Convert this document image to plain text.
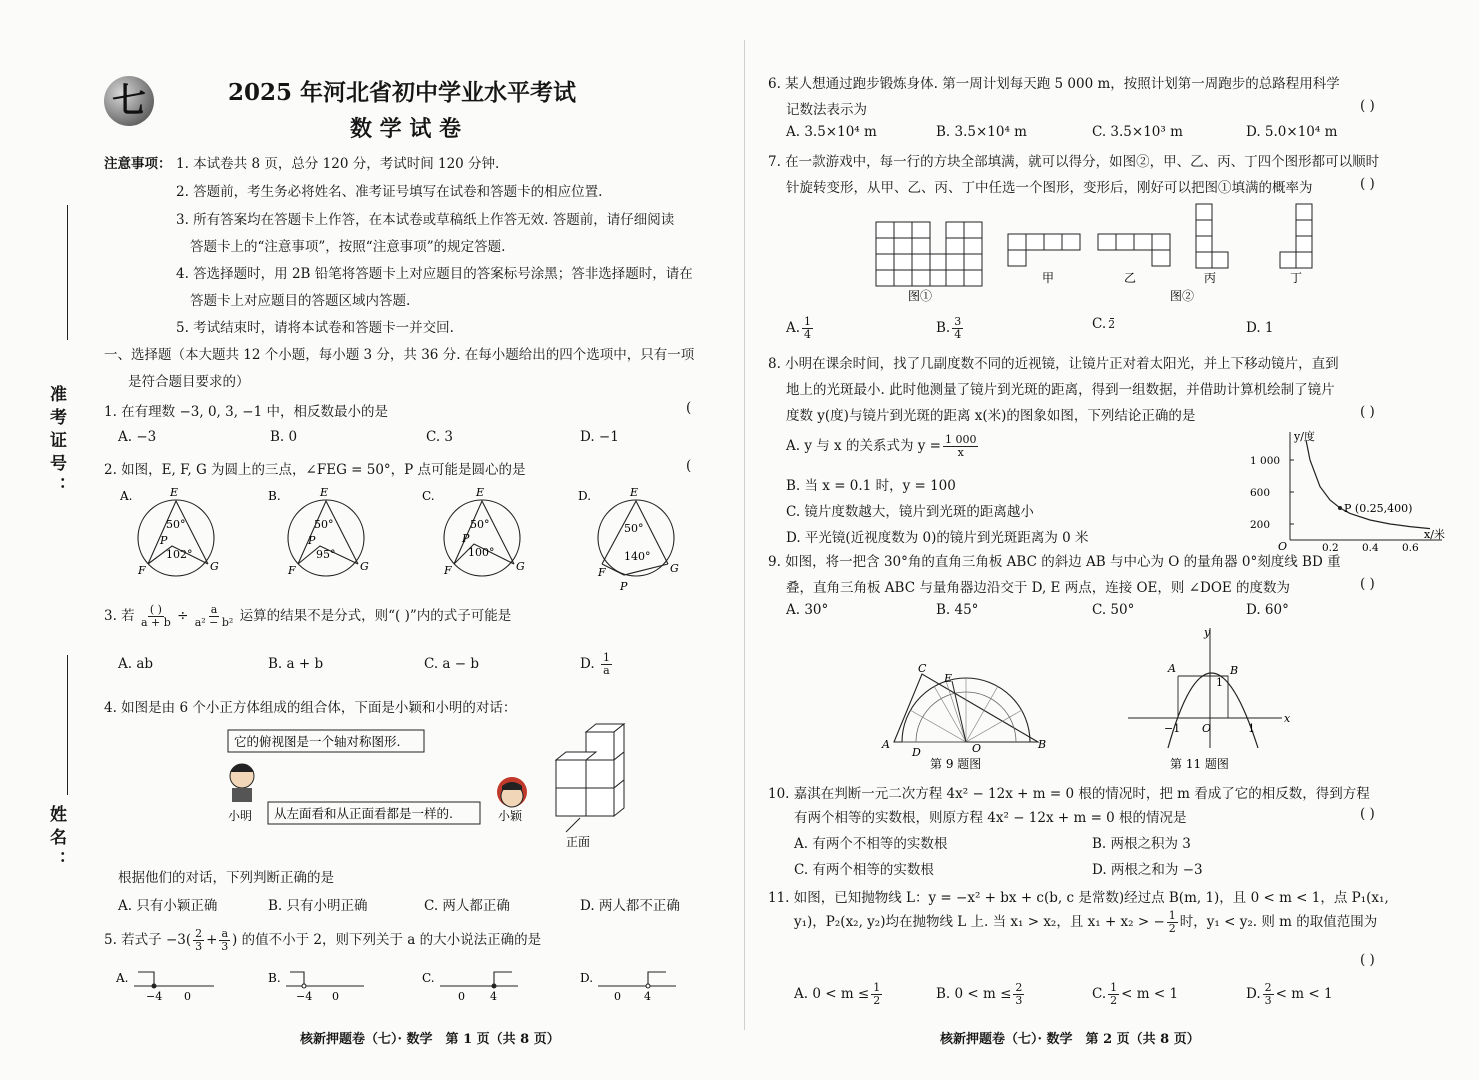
准考证号：
姓名：
七	2025 年河北省初中学业水平考试
数 学 试 卷
注意事项： 1. 本试卷共 8 页，总分 120 分，考试时间 120 分钟.
2. 答题前，考生务必将姓名、准考证号填写在试卷和答题卡的相应位置.
3. 所有答案均在答题卡上作答，在本试卷或草稿纸上作答无效. 答题前，请仔细阅读
答题卡上的“注意事项”，按照“注意事项”的规定答题.
4. 答选择题时，用 2B 铅笔将答题卡上对应题目的答案标号涂黑；答非选择题时，请在
答题卡上对应题目的答题区域内答题.
5. 考试结束时，请将本试卷和答题卡一并交回.
一、选择题（本大题共 12 个小题，每小题 3 分，共 36 分. 在每小题给出的四个选项中，只有一项
是符合题目要求的）
1. 在有理数 −3, 0, 3, −1 中，相反数最小的是	(
A. −3	B. 0	C. 3	D. −1
2. 如图，E, F, G 为圆上的三点，∠FEG = 50°，P 点可能是圆心的是	(
A.	B.	C.	D.
E
F	G
P
50°
102°
E
F	G
P
50°
95°
E
F	G
P
50°
100°
E
F	G
P
50°
140°
3. 若 $\frac{( )}{a + b} \div \frac{a}{\text{a² − b²}}$ 运算的结果不是分式，则“( )”内的式子可能是
A. ab	B. a + b	C. a − b	D. $\frac{1}{a}$
4. 如图是由 6 个小正方体组成的组合体，下面是小颖和小明的对话：
它的俯视图是一个轴对称图形.
从左面看和从正面看都是一样的.
小明	小颖
正面
根据他们的对话，下列判断正确的是
A. 只有小颖正确	B. 只有小明正确	C. 两人都正确	D. 两人都不正确
5. 若式子 $-3( \frac{2}{3} + \frac{a}{3}$ ) 的值不小于 2，则下列关于 a 的大小说法正确的是
A.	B.	C.	D.
−4 0	−4 0	0 4	0 4
核新押题卷（七）· 数学　第 1 页（共 8 页）
6. 某人想通过跑步锻炼身体. 第一周计划每天跑 5 000 m，按照计划第一周跑步的总路程用科学
记数法表示为	( )
A. 3.5×10⁴ m	B. 3.5×10⁴ m	C. 3.5×10³ m	D. 5.0×10⁴ m
7. 在一款游戏中，每一行的方块全部填满，就可以得分，如图②，甲、乙、丙、丁四个图形都可以顺时
针旋转变形，从甲、乙、丙、丁中任选一个图形，变形后，刚好可以把图①填满的概率为	( )
甲	乙	丙	丁
图①	图②
A. $\frac{1}{4}$	B. $\frac{3}{4}$	C. 2	D. 1
8. 小明在课余时间，找了几副度数不同的近视镜，让镜片正对着太阳光，并上下移动镜片，直到
地上的光斑最小. 此时他测量了镜片到光斑的距离，得到一组数据，并借助计算机绘制了镜片
度数 y(度)与镜片到光斑的距离 x(米)的图象如图，下列结论正确的是	( )
A. y 与 x 的关系式为 $y = \frac{1 000}{x}$
B. 当 x = 0.1 时，y = 100
C. 镜片度数越大，镜片到光斑的距离越小
D. 平光镜(近视度数为 0)的镜片到光斑距离为 0 米
y/度
x/米
O	0.2 0.4 0.6
1 000
600
200
P (0.25,400)
9. 如图，将一把含 30°角的直角三角板 ABC 的斜边 AB 与中心为 O 的量角器 0°刻度线 BD 重
叠，直角三角板 ABC 与量角器边沿交于 D, E 两点，连接 OE，则 ∠DOE 的度数为	( )
A. 30°	B. 45°	C. 50°	D. 60°
A	B
C
D
E
O
第 9 题图
x
y
A	B
O
−1	1
1
第 11 题图
10. 嘉淇在判断一元二次方程 4x² − 12x + m = 0 根的情况时，把 m 看成了它的相反数，得到方程
有两个相等的实数根，则原方程 4x² − 12x + m = 0 根的情况是	( )
A. 有两个不相等的实数根	B. 两根之积为 3
C. 有两个相等的实数根	D. 两根之和为 −3
11. 如图，已知抛物线 L：y = −x² + bx + c(b, c 是常数)经过点 B(m, 1)，且 0 < m < 1，点 P₁(x₁,
y₁)，P₂(x₂, y₂)均在抛物线 L 上. 当 x₁ > x₂，且 x₁ + x₂ > − $\frac{1}{2}$ 时，y₁ < y₂. 则 m 的取值范围为
( )
A. $0 < m \le \frac{1}{2}$	B. $0 < m \le \frac{2}{3}$	C. $\frac{1}{2} < m < 1$	D. $\frac{2}{3} < m < 1$
核新押题卷（七）· 数学　第 2 页（共 8 页）
